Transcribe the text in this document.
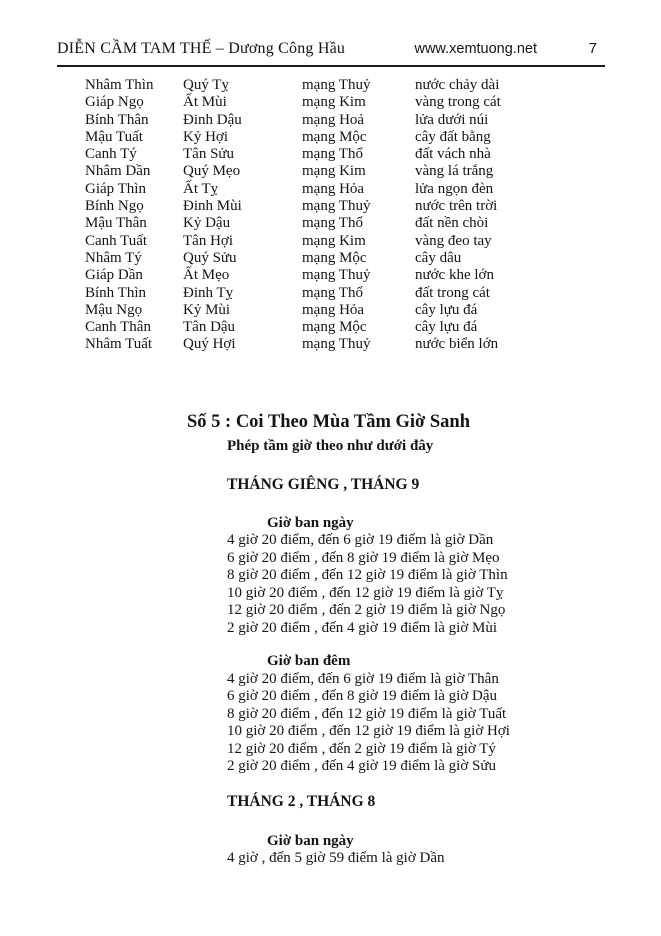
DIỄN CẦM TAM THẾ – Dương Công Hầu	www.xemtuong.net	7
Nhâm Thìn	Quý Tỵ	mạng Thuỷ	nước chảy dài
Giáp Ngọ	Ất Mùi	mạng Kim	vàng trong cát
Bính Thân	Đinh Dậu	mạng Hoả	lửa dưới núi
Mậu Tuất	Kỷ Hợi	mạng Mộc	cây đất bằng
Canh Tý	Tân Sửu	mạng Thổ	đất vách nhà
Nhâm Dần	Quý Mẹo	mạng Kim	vàng lá trắng
Giáp Thìn	Ất Tỵ	mạng Hỏa	lửa ngọn đèn
Bính Ngọ	Đinh Mùi	mạng Thuỷ	nước trên trời
Mậu Thân	Kỷ Dậu	mạng Thổ	đất nền chòi
Canh Tuất	Tân Hợi	mạng Kim	vàng đeo tay
Nhâm Tý	Quý Sửu	mạng Mộc	cây dâu
Giáp Dần	Ất Mẹo	mạng Thuỷ	nước khe lớn
Bính Thìn	Đinh Tỵ	mạng Thổ	đất trong cát
Mậu Ngọ	Kỷ Mùi	mạng Hỏa	cây lựu đá
Canh Thân	Tân Dậu	mạng Mộc	cây lựu đá
Nhâm Tuất	Quý Hợi	mạng Thuỷ	nước biển lớn
Số 5 : Coi Theo Mùa Tầm Giờ Sanh
Phép tầm giờ theo như dưới đây
THÁNG GIÊNG , THÁNG 9
Giờ ban ngày
4 giờ 20 điểm, đến 6 giờ 19 điểm là giờ Dần
6 giờ 20 điểm , đến 8 giờ 19 điểm là giờ Mẹo
8 giờ 20 điểm , đến 12 giờ 19 điểm là giờ Thìn
10 giờ 20 điểm , đến 12 giờ 19 điểm là giờ Tỵ
12 giờ 20 điểm , đến 2 giờ 19 điểm là giờ Ngọ
2 giờ 20 điểm , đến 4 giờ 19 điểm là giờ Mùi
Giờ ban đêm
4 giờ 20 điểm, đến 6 giờ 19 điểm là giờ Thân
6 giờ 20 điểm , đến 8 giờ 19 điểm là giờ Dậu
8 giờ 20 điểm , đến 12 giờ 19 điểm là giờ Tuất
10 giờ 20 điểm , đến 12 giờ 19 điểm là giờ Hợi
12 giờ 20 điểm , đến 2 giờ 19 điểm là giờ Tý
2 giờ 20 điểm , đến 4 giờ 19 điểm là giờ Sửu
THÁNG 2 , THÁNG 8
Giờ ban ngày
4 giờ , đến 5 giờ 59 điểm là giờ Dần
